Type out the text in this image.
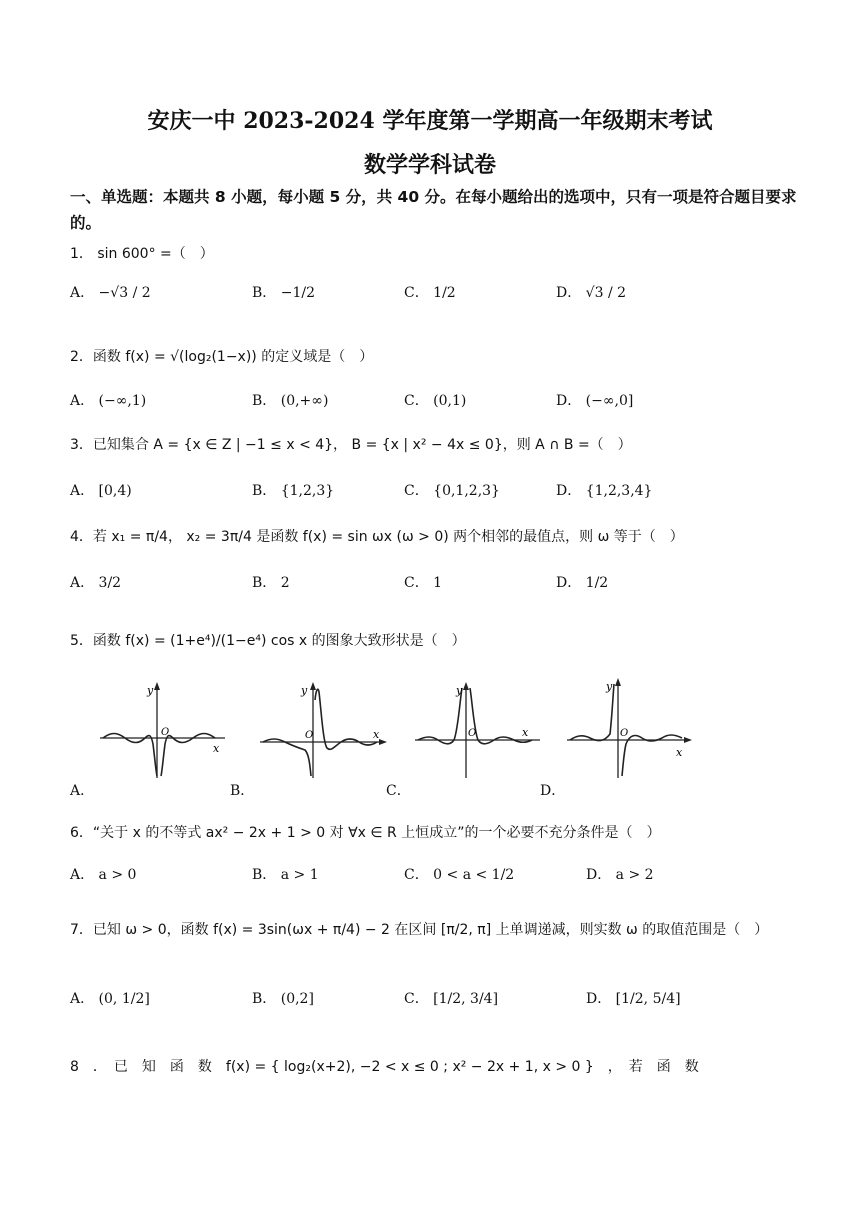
安庆一中 2023-2024 学年度第一学期高一年级期末考试
数学学科试卷
一、单选题：本题共 8 小题，每小题 5 分，共 40 分。在每小题给出的选项中，只有一项是符合题目要求的。
1． sin 600° =（　）
A． −√3 / 2	B． −1/2	C． 1/2	D． √3 / 2
2．函数 f(x) = √(log₂(1−x)) 的定义域是（　）
A． (−∞,1)	B． (0,+∞)	C． (0,1)	D． (−∞,0]
3．已知集合 A = {x ∈ Z | −1 ≤ x < 4}， B = {x | x² − 4x ≤ 0}，则 A ∩ B =（　）
A． [0,4)	B． {1,2,3}	C． {0,1,2,3}	D． {1,2,3,4}
4．若 x₁ = π/4， x₂ = 3π/4 是函数 f(x) = sin ωx (ω > 0) 两个相邻的最值点，则 ω 等于（　）
A． 3/2	B． 2	C． 1	D． 1/2
5．函数 f(x) = (1+e⁴)/(1−e⁴) cos x 的图象大致形状是（　）
y
O
x
y
O	x
y
O	x
y
O
x
A．	B．	C．	D．
6．“关于 x 的不等式 ax² − 2x + 1 > 0 对 ∀x ∈ R 上恒成立”的一个必要不充分条件是（　）
A． a > 0	B． a > 1	C． 0 < a < 1/2	D． a > 2
7．已知 ω > 0，函数 f(x) = 3sin(ωx + π/4) − 2 在区间 [π/2, π] 上单调递减，则实数 ω 的取值范围是（　）
A． (0, 1/2]	B． (0,2]	C． [1/2, 3/4]	D． [1/2, 5/4]
8　．　已　知　函　数　f(x) = { log₂(x+2), −2 < x ≤ 0 ; x² − 2x + 1, x > 0 }　，　若　函　数
